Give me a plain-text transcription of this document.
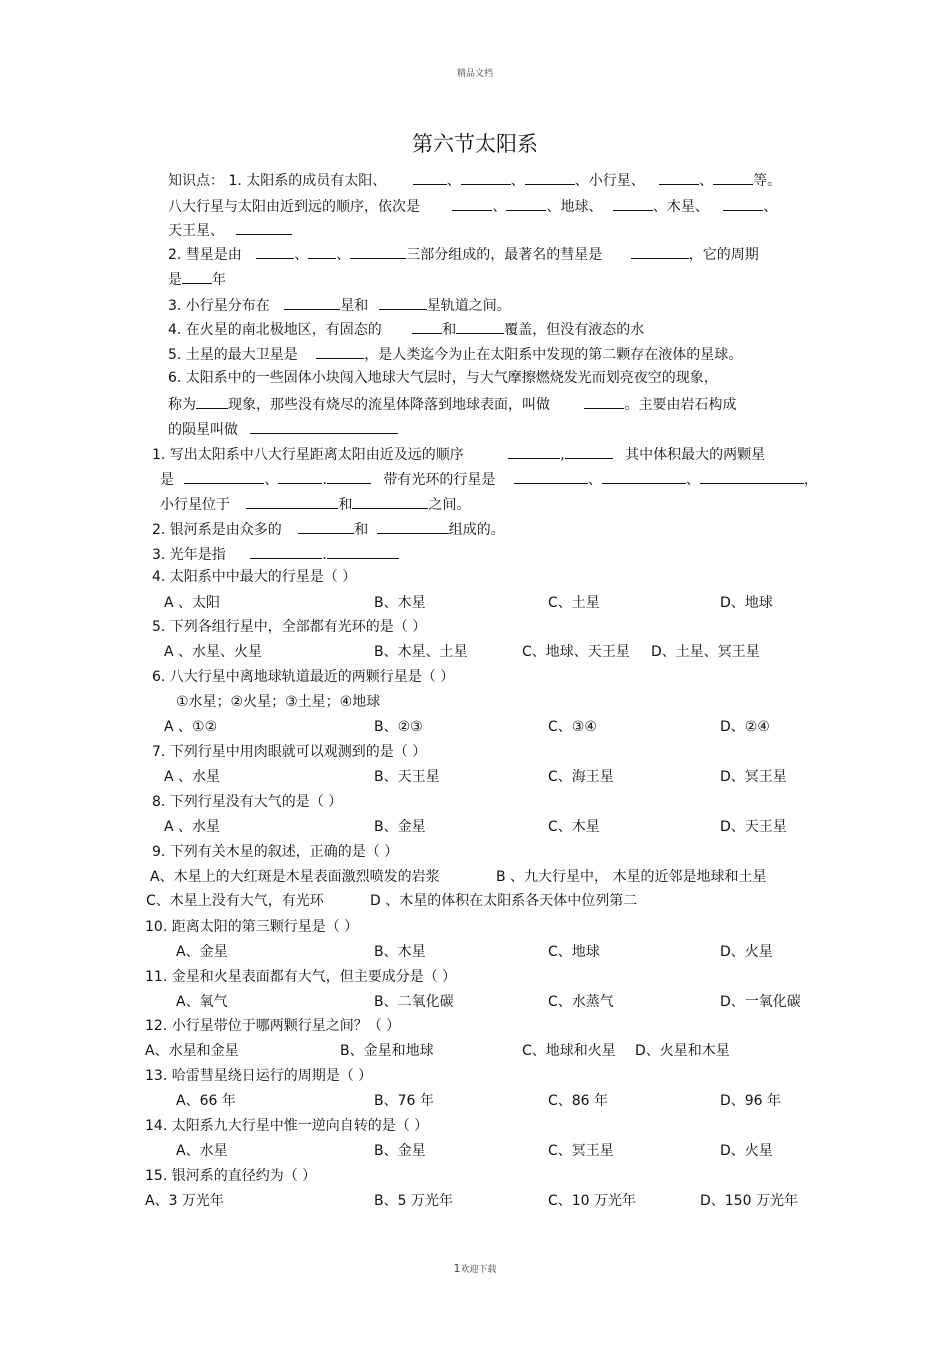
精品文档
第六节太阳系
知识点： 1. 太阳系的成员有太阳、	、	、	、小行星、	、	等。
八大行星与太阳由近到远的顺序，依次是	、	、地球、	、木星、	、
天王星、
2. 彗星是由	、 、	三部分组成的，最著名的彗星是	，它的周期
是 年
3. 小行星分布在	星和	星轨道之间。
4. 在火星的南北极地区，有固态的	和	覆盖，但没有液态的水
5. 土星的最大卫星是	，是人类迄今为止在太阳系中发现的第二颗存在液体的星球。
6. 太阳系中的一些固体小块闯入地球大气层时，与大气摩擦燃烧发光而划亮夜空的现象，
称为 现象，那些没有烧尽的流星体降落到地球表面，叫做	。主要由岩石构成
的陨星叫做
1. 写出太阳系中八大行星距离太阳由近及远的顺序	,	其中体积最大的两颗星
是	、	.	带有光环的行星是	、	、	，
小行星位于	和	之间。
2. 银河系是由众多的	和	组成的。
3. 光年是指	.
4. 太阳系中中最大的行星是（ ）
A 、太阳	B、木星	C、土星	D、地球
5. 下列各组行星中，全部都有光环的是（ ）
A 、水星、火星	B、木星、土星	C、地球、天王星 D、土星、冥王星
6. 八大行星中离地球轨道最近的两颗行星是（ ）
①水星；②火星；③土星；④地球
A 、①②	B、②③	C、③④	D、②④
7. 下列行星中用肉眼就可以观测到的是（ ）
A 、水星	B、天王星	C、海王星	D、冥王星
8. 下列行星没有大气的是（ ）
A 、水星	B、金星	C、木星	D、天王星
9. 下列有关木星的叙述，正确的是（ ）
A、木星上的大红斑是木星表面激烈喷发的岩浆	B 、九大行星中， 木星的近邻是地球和土星
C、木星上没有大气，有光环	D 、木星的体积在太阳系各天体中位列第二
10. 距离太阳的第三颗行星是（ ）
A、金星	B、木星	C、地球	D、火星
11. 金星和火星表面都有大气，但主要成分是（ ）
A、氧气	B、二氧化碳	C、水蒸气	D、一氧化碳
12. 小行星带位于哪两颗行星之间？（ ）
A、水星和金星	B、金星和地球	C、地球和火星 D、火星和木星
13. 哈雷彗星绕日运行的周期是（ ）
A、66 年	B、76 年	C、86 年	D、96 年
14. 太阳系九大行星中惟一逆向自转的是（ ）
A、水星	B、金星	C、冥王星	D、火星
15. 银河系的直径约为（ ）
A、3 万光年	B、5 万光年	C、10 万光年	D、150 万光年
1欢迎下载
